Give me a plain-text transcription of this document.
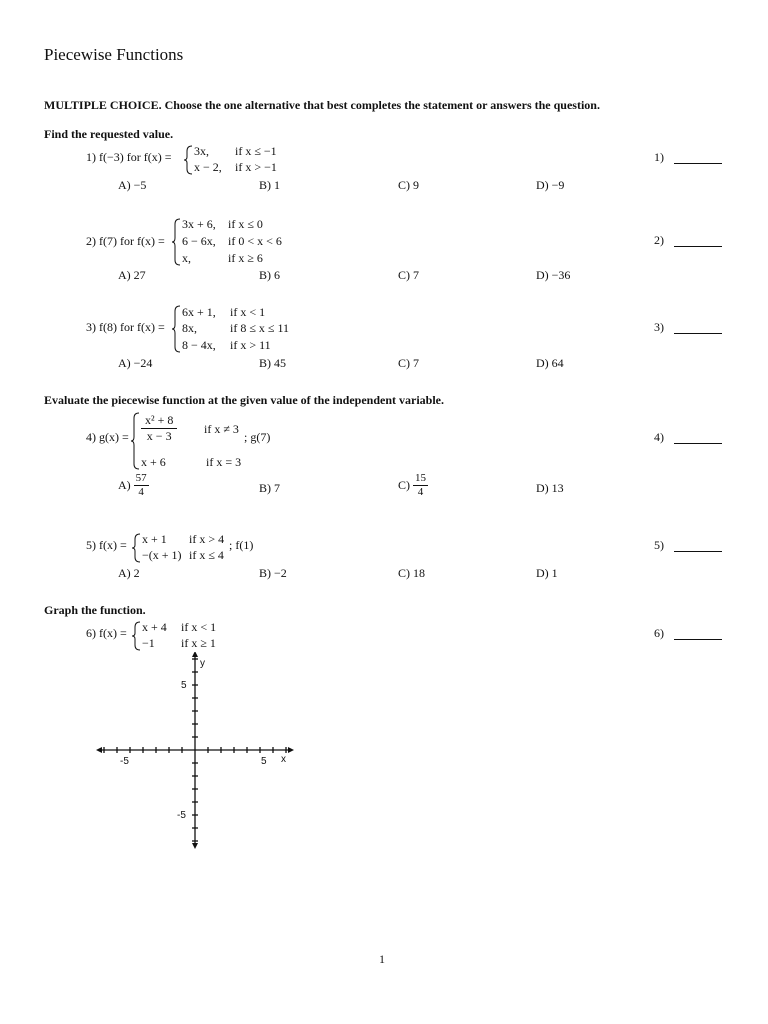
Piecewise Functions
MULTIPLE CHOICE. Choose the one alternative that best completes the statement or answers the question.
Find the requested value.
1) f(−3) for f(x) = 3x, if x ≤ −1
x − 2, if x > −1
1)
A) −5	B) 1	C) 9	D) −9
2) f(7) for f(x) =
3x + 6, if x ≤ 0
6 − 6x, if 0 < x < 6
x,	if x ≥ 6
2)
A) 27	B) 6	C) 7	D) −36
3) f(8) for f(x) =
6x + 1, if x < 1
8x,	if 8 ≤ x ≤ 11
8 − 4x, if x > 11
3)
A) −24	B) 45	C) 7	D) 64
Evaluate the piecewise function at the given value of the independent variable.
4) $g(x) = \frac{\text{x² + 8}}{x - 3}$ if x ≠ 3
; g(7)
x + 6	if x = 3
4)
$A) \frac{57}{4}$	B) 7	$C) \frac{15}{4}$	D) 13
5) f(x) = x + 1 if x > 4
−(x + 1) if x ≤ 4
; f(1)	5)
A) 2	B) −2	C) 18	D) 1
Graph the function.
6) f(x) = x + 4 if x < 1
−1 if x ≥ 1
6)
y
x
-5	5
5
-5
1
